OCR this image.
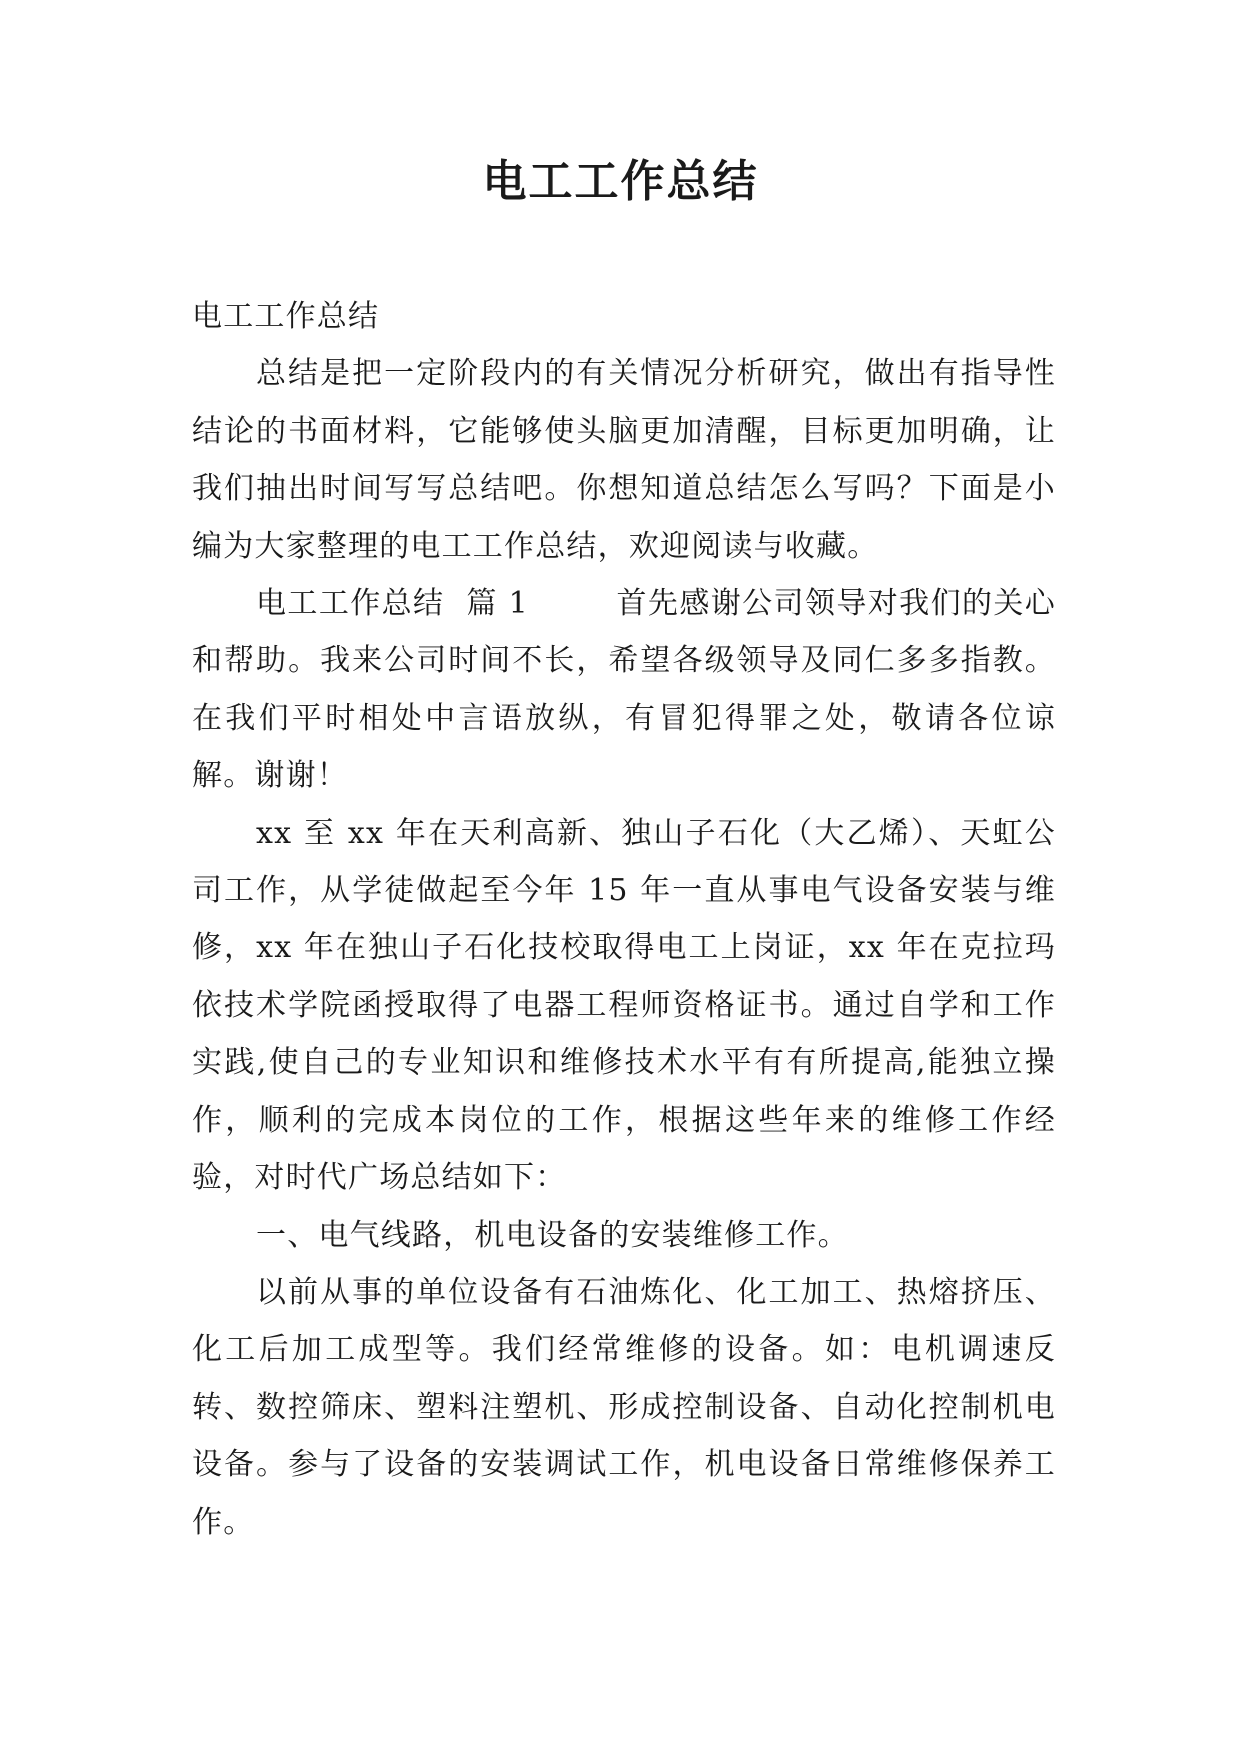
电工工作总结

电工工作总结

总结是把一定阶段内的有关情况分析研究，做出有指导性结论的书面材料，它能够使头脑更加清醒，目标更加明确，让我们抽出时间写写总结吧。你想知道总结怎么写吗？下面是小编为大家整理的电工工作总结，欢迎阅读与收藏。

电工工作总结  篇 1        首先感谢公司领导对我们的关心和帮助。我来公司时间不长，希望各级领导及同仁多多指教。在我们平时相处中言语放纵，有冒犯得罪之处，敬请各位谅解。谢谢！

xx 至 xx 年在天利高新、独山子石化（大乙烯）、天虹公司工作，从学徒做起至今年 15 年一直从事电气设备安装与维修，xx 年在独山子石化技校取得电工上岗证，xx 年在克拉玛依技术学院函授取得了电器工程师资格证书。通过自学和工作实践,使自己的专业知识和维修技术水平有有所提高,能独立操作，顺利的完成本岗位的工作，根据这些年来的维修工作经验，对时代广场总结如下：

一、电气线路，机电设备的安装维修工作。

以前从事的单位设备有石油炼化、化工加工、热熔挤压、化工后加工成型等。我们经常维修的设备。如：电机调速反转、数控筛床、塑料注塑机、形成控制设备、自动化控制机电设备。参与了设备的安装调试工作，机电设备日常维修保养工作。
